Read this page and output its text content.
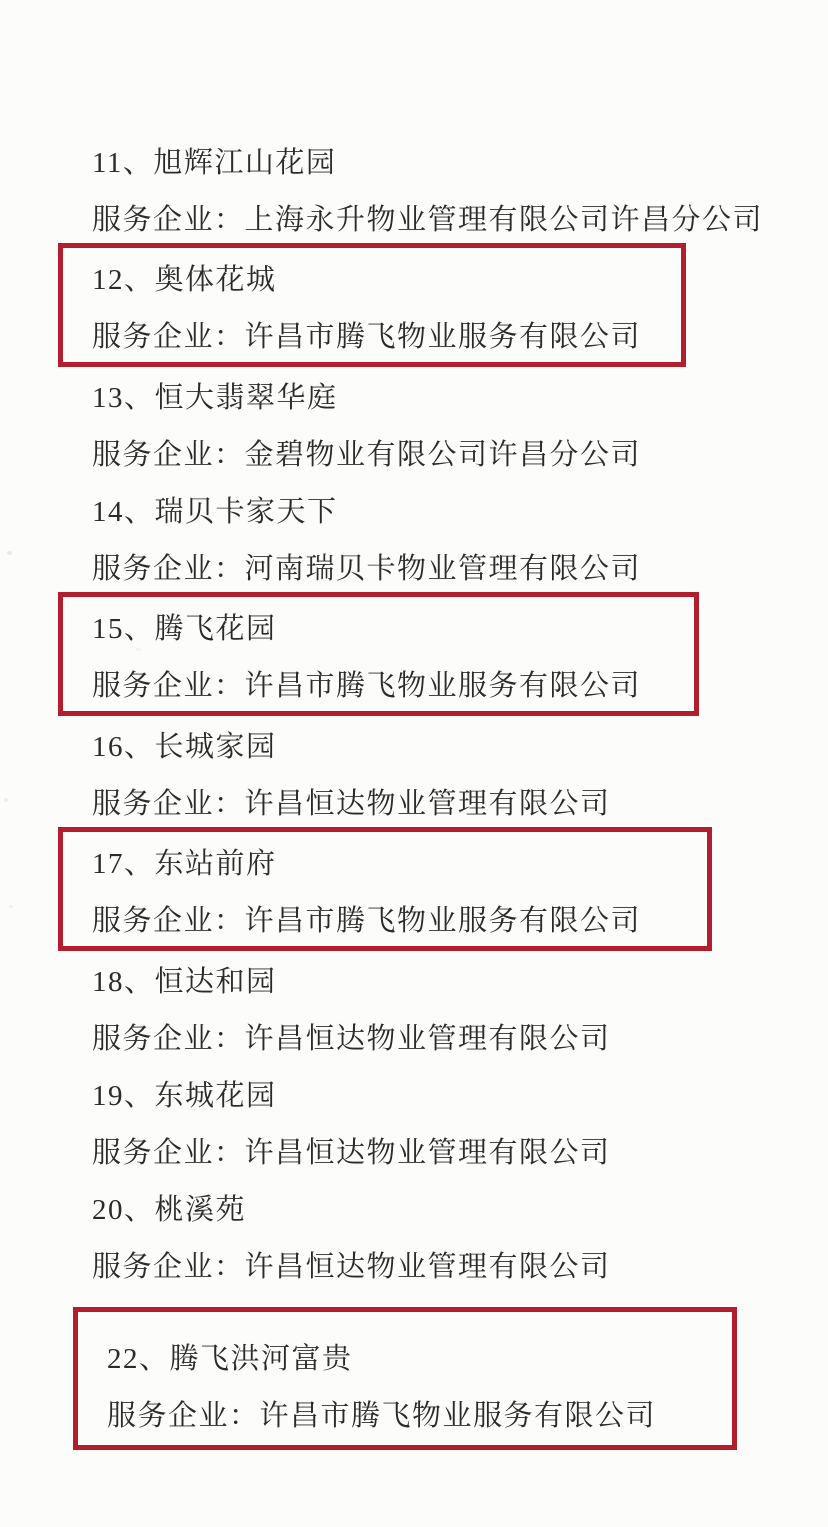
11、旭辉江山花园
服务企业：上海永升物业管理有限公司许昌分公司
12、奥体花城
服务企业：许昌市腾飞物业服务有限公司
13、恒大翡翠华庭
服务企业：金碧物业有限公司许昌分公司
14、瑞贝卡家天下
服务企业：河南瑞贝卡物业管理有限公司
15、腾飞花园
服务企业：许昌市腾飞物业服务有限公司
16、长城家园
服务企业：许昌恒达物业管理有限公司
17、东站前府
服务企业：许昌市腾飞物业服务有限公司
18、恒达和园
服务企业：许昌恒达物业管理有限公司
19、东城花园
服务企业：许昌恒达物业管理有限公司
20、桃溪苑
服务企业：许昌恒达物业管理有限公司
22、腾飞洪河富贵
服务企业：许昌市腾飞物业服务有限公司
